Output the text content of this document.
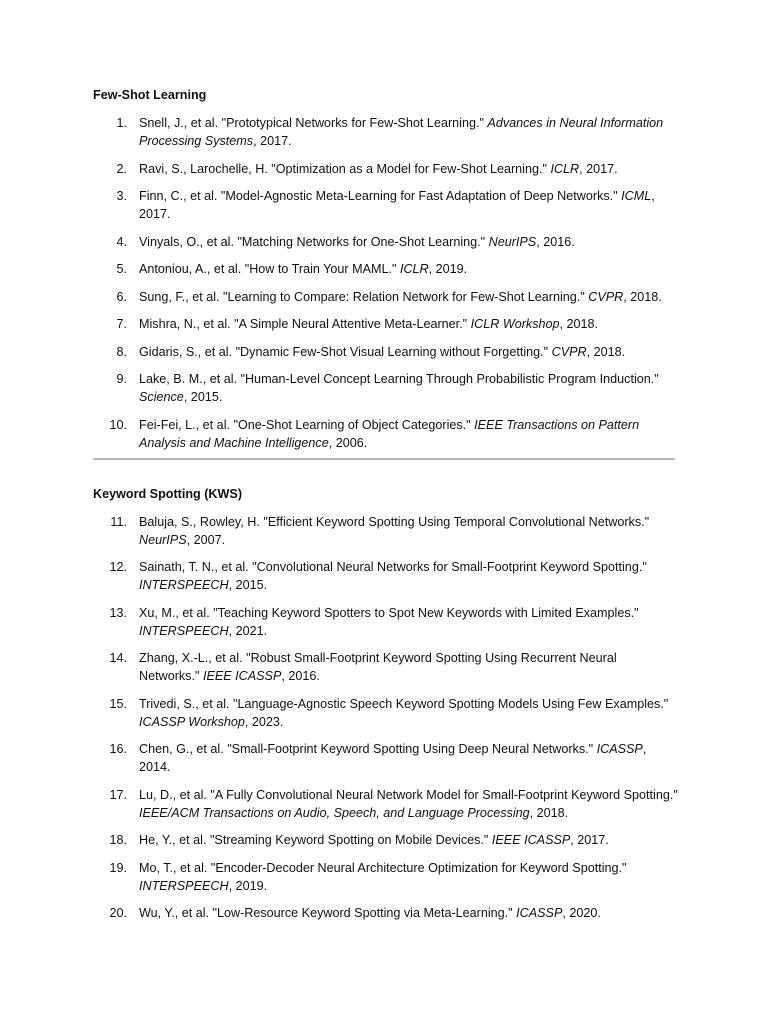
Few-Shot Learning
1. Snell, J., et al. "Prototypical Networks for Few-Shot Learning." Advances in Neural Information Processing Systems, 2017.
2. Ravi, S., Larochelle, H. "Optimization as a Model for Few-Shot Learning." ICLR, 2017.
3. Finn, C., et al. "Model-Agnostic Meta-Learning for Fast Adaptation of Deep Networks." ICML, 2017.
4. Vinyals, O., et al. "Matching Networks for One-Shot Learning." NeurIPS, 2016.
5. Antoniou, A., et al. "How to Train Your MAML." ICLR, 2019.
6. Sung, F., et al. "Learning to Compare: Relation Network for Few-Shot Learning." CVPR, 2018.
7. Mishra, N., et al. "A Simple Neural Attentive Meta-Learner." ICLR Workshop, 2018.
8. Gidaris, S., et al. "Dynamic Few-Shot Visual Learning without Forgetting." CVPR, 2018.
9. Lake, B. M., et al. "Human-Level Concept Learning Through Probabilistic Program Induction." Science, 2015.
10. Fei-Fei, L., et al. "One-Shot Learning of Object Categories." IEEE Transactions on Pattern Analysis and Machine Intelligence, 2006.
Keyword Spotting (KWS)
11. Baluja, S., Rowley, H. "Efficient Keyword Spotting Using Temporal Convolutional Networks." NeurIPS, 2007.
12. Sainath, T. N., et al. "Convolutional Neural Networks for Small-Footprint Keyword Spotting." INTERSPEECH, 2015.
13. Xu, M., et al. "Teaching Keyword Spotters to Spot New Keywords with Limited Examples." INTERSPEECH, 2021.
14. Zhang, X.-L., et al. "Robust Small-Footprint Keyword Spotting Using Recurrent Neural Networks." IEEE ICASSP, 2016.
15. Trivedi, S., et al. "Language-Agnostic Speech Keyword Spotting Models Using Few Examples." ICASSP Workshop, 2023.
16. Chen, G., et al. "Small-Footprint Keyword Spotting Using Deep Neural Networks." ICASSP, 2014.
17. Lu, D., et al. "A Fully Convolutional Neural Network Model for Small-Footprint Keyword Spotting." IEEE/ACM Transactions on Audio, Speech, and Language Processing, 2018.
18. He, Y., et al. "Streaming Keyword Spotting on Mobile Devices." IEEE ICASSP, 2017.
19. Mo, T., et al. "Encoder-Decoder Neural Architecture Optimization for Keyword Spotting." INTERSPEECH, 2019.
20. Wu, Y., et al. "Low-Resource Keyword Spotting via Meta-Learning." ICASSP, 2020.
